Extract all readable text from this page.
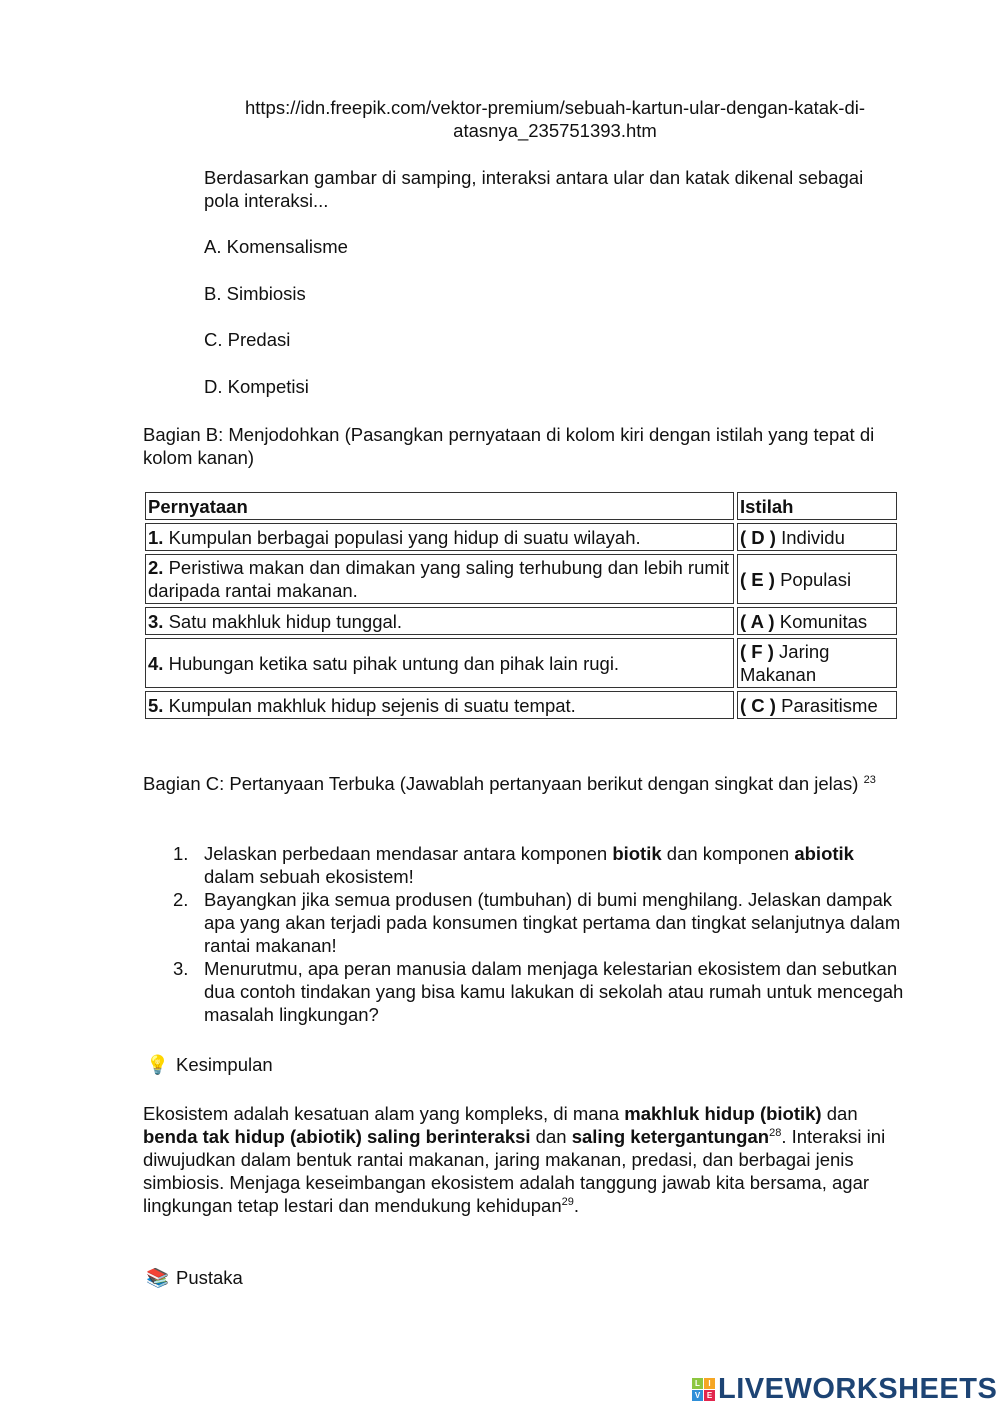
https://idn.freepik.com/vektor-premium/sebuah-kartun-ular-dengan-katak-di-
atasnya_235751393.htm
Berdasarkan gambar di samping, interaksi antara ular dan katak dikenal sebagai pola interaksi...
A. Komensalisme
B. Simbiosis
C. Predasi
D. Kompetisi
Bagian B: Menjodohkan (Pasangkan pernyataan di kolom kiri dengan istilah yang tepat di kolom kanan)
Pernyataan	Istilah
1. Kumpulan berbagai populasi yang hidup di suatu wilayah.	( D ) Individu
2. Peristiwa makan dan dimakan yang saling terhubung dan lebih rumit daripada rantai makanan.	( E ) Populasi
3. Satu makhluk hidup tunggal.	( A ) Komunitas
4. Hubungan ketika satu pihak untung dan pihak lain rugi.	( F ) Jaring Makanan
5. Kumpulan makhluk hidup sejenis di suatu tempat.	( C ) Parasitisme
Bagian C: Pertanyaan Terbuka (Jawablah pertanyaan berikut dengan singkat dan jelas) $^{23}$
1. Jelaskan perbedaan mendasar antara komponen biotik dan komponen abiotik dalam sebuah ekosistem!
2. Bayangkan jika semua produsen (tumbuhan) di bumi menghilang. Jelaskan dampak apa yang akan terjadi pada konsumen tingkat pertama dan tingkat selanjutnya dalam rantai makanan!
3. Menurutmu, apa peran manusia dalam menjaga kelestarian ekosistem dan sebutkan dua contoh tindakan yang bisa kamu lakukan di sekolah atau rumah untuk mencegah masalah lingkungan?
💡 Kesimpulan
Ekosistem adalah kesatuan alam yang kompleks, di mana makhluk hidup (biotik) dan benda tak hidup (abiotik) saling berinteraksi dan saling ketergantungan$^{28}$. Interaksi ini diwujudkan dalam bentuk rantai makanan, jaring makanan, predasi, dan berbagai jenis simbiosis. Menjaga keseimbangan ekosistem adalah tanggung jawab kita bersama, agar lingkungan tetap lestari dan mendukung kehidupan$^{29}$.
📚 Pustaka
L	I
V E LIVEWORKSHEETS
